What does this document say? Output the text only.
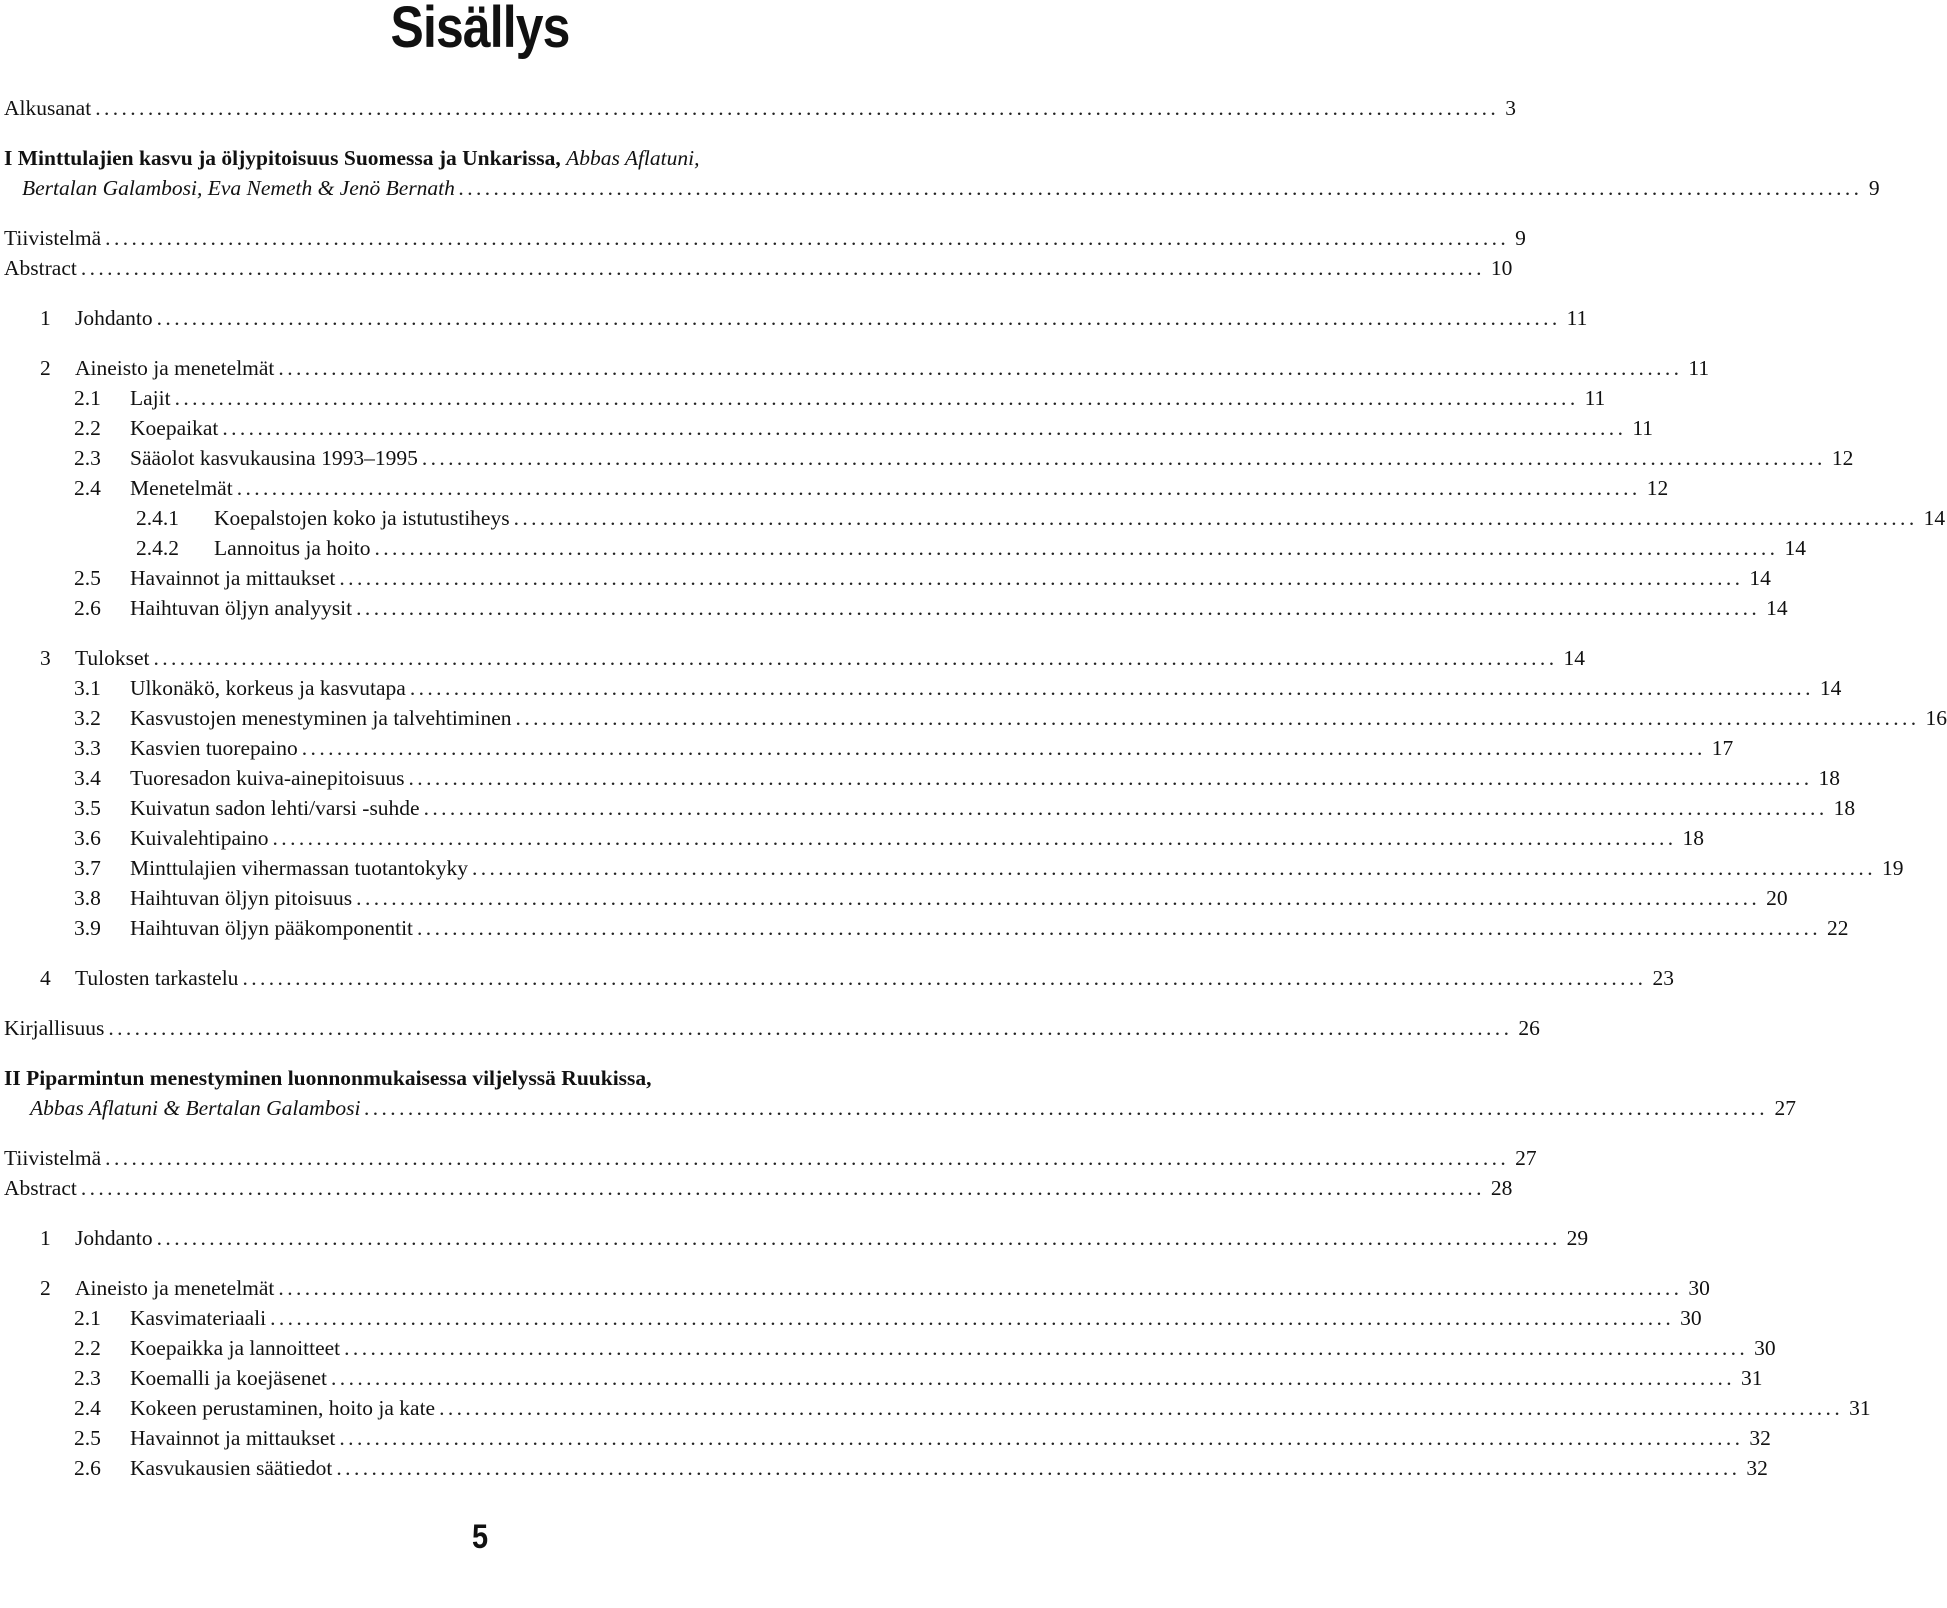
Sisällys
Alkusanat ................................................................................................................................................................ 3
I Minttulajien kasvu ja öljypitoisuus Suomessa ja Unkarissa, Abbas Aflatuni,
Bertalan Galambosi, Eva Nemeth & Jenö Bernath ................................................................................................................................................................ 9
Tiivistelmä ................................................................................................................................................................ 9
Abstract ................................................................................................................................................................ 10
1	Johdanto ................................................................................................................................................................ 11
2	Aineisto ja menetelmät ................................................................................................................................................................ 11
2.1	Lajit ................................................................................................................................................................ 11
2.2	Koepaikat ................................................................................................................................................................ 11
2.3	Sääolot kasvukausina 1993–1995 ................................................................................................................................................................ 12
2.4	Menetelmät ................................................................................................................................................................ 12
2.4.1	Koepalstojen koko ja istutustiheys ................................................................................................................................................................ 14
2.4.2	Lannoitus ja hoito ................................................................................................................................................................ 14
2.5	Havainnot ja mittaukset ................................................................................................................................................................ 14
2.6	Haihtuvan öljyn analyysit ................................................................................................................................................................ 14
3	Tulokset ................................................................................................................................................................ 14
3.1	Ulkonäkö, korkeus ja kasvutapa ................................................................................................................................................................ 14
3.2	Kasvustojen menestyminen ja talvehtiminen ................................................................................................................................................................ 16
3.3	Kasvien tuorepaino ................................................................................................................................................................ 17
3.4	Tuoresadon kuiva-ainepitoisuus ................................................................................................................................................................ 18
3.5	Kuivatun sadon lehti/varsi -suhde ................................................................................................................................................................ 18
3.6	Kuivalehtipaino ................................................................................................................................................................ 18
3.7	Minttulajien vihermassan tuotantokyky ................................................................................................................................................................ 19
3.8	Haihtuvan öljyn pitoisuus ................................................................................................................................................................ 20
3.9	Haihtuvan öljyn pääkomponentit ................................................................................................................................................................ 22
4	Tulosten tarkastelu ................................................................................................................................................................ 23
Kirjallisuus ................................................................................................................................................................ 26
II Piparmintun menestyminen luonnonmukaisessa viljelyssä Ruukissa,
Abbas Aflatuni & Bertalan Galambosi ................................................................................................................................................................ 27
Tiivistelmä ................................................................................................................................................................ 27
Abstract ................................................................................................................................................................ 28
1	Johdanto ................................................................................................................................................................ 29
2	Aineisto ja menetelmät ................................................................................................................................................................ 30
2.1	Kasvimateriaali ................................................................................................................................................................ 30
2.2	Koepaikka ja lannoitteet ................................................................................................................................................................ 30
2.3	Koemalli ja koejäsenet ................................................................................................................................................................ 31
2.4	Kokeen perustaminen, hoito ja kate ................................................................................................................................................................ 31
2.5	Havainnot ja mittaukset ................................................................................................................................................................ 32
2.6	Kasvukausien säätiedot ................................................................................................................................................................ 32
5
